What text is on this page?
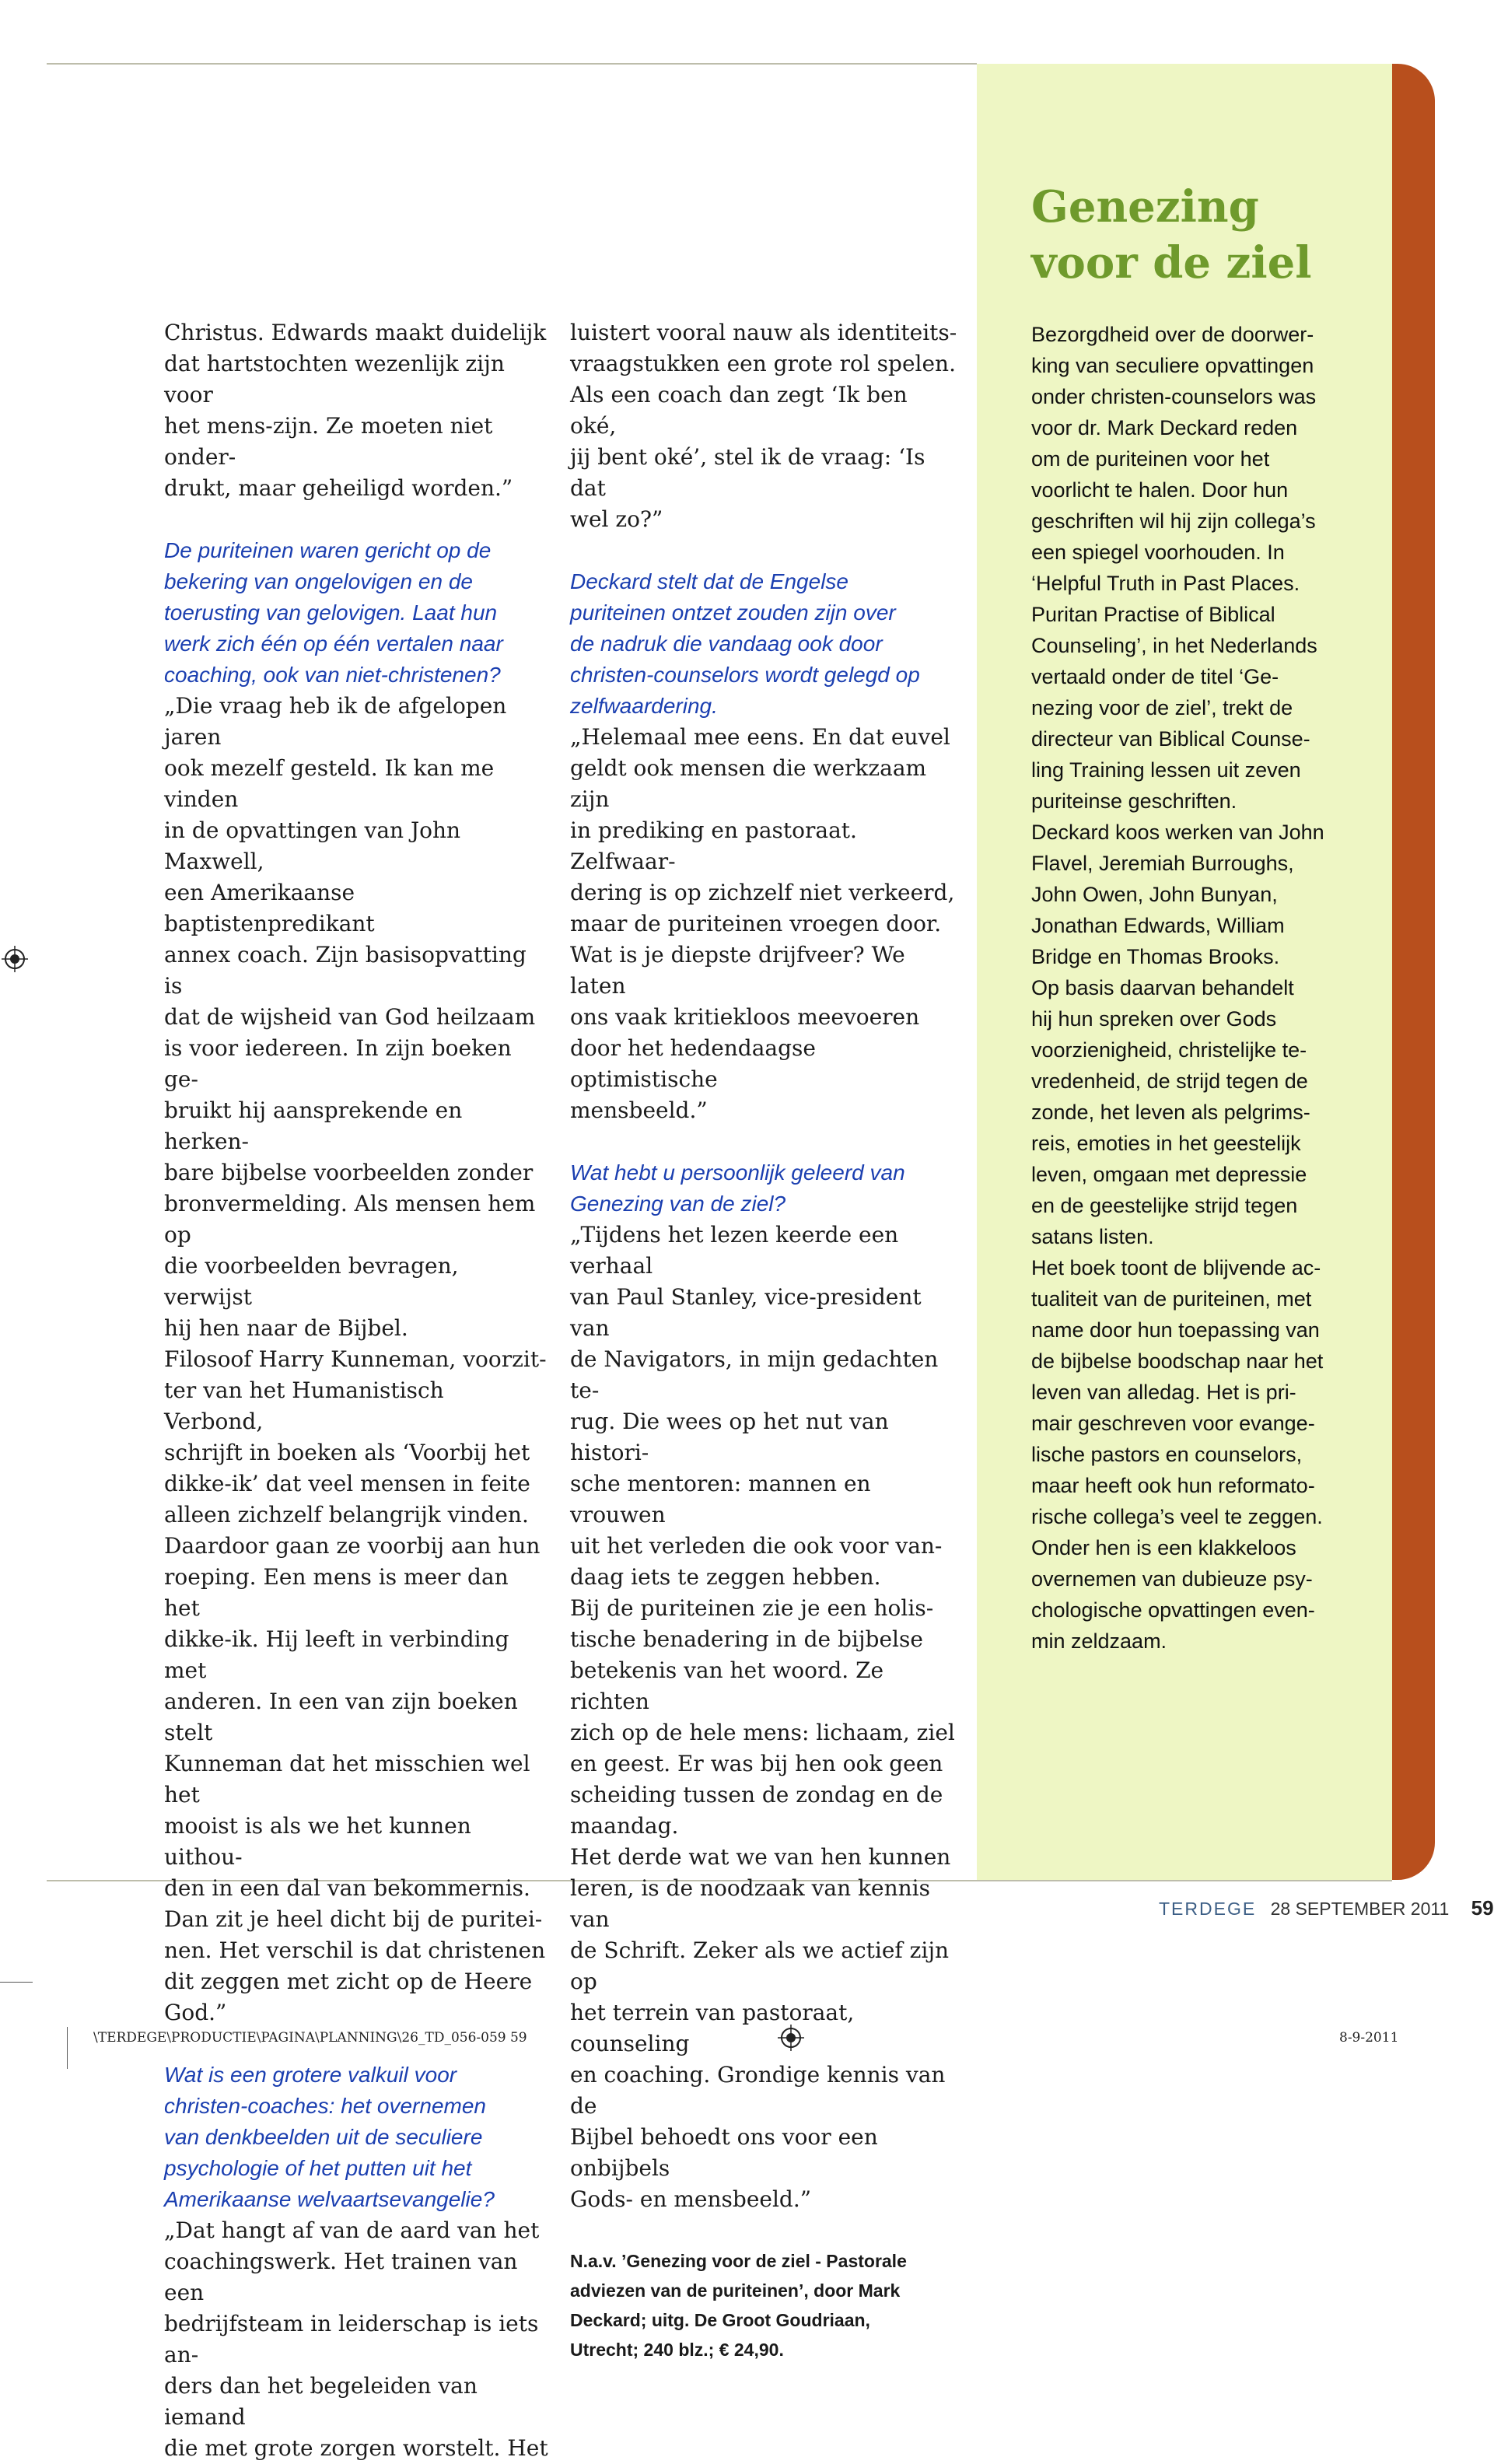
Genezing
voor de ziel

Bezorgdheid over de doorwer-
king van seculiere opvattingen
onder christen-counselors was
voor dr. Mark Deckard reden
om de puriteinen voor het
voorlicht te halen. Door hun
geschriften wil hij zijn collega’s
een spiegel voorhouden. In
‘Helpful Truth in Past Places.
Puritan Practise of Biblical
Counseling’, in het Nederlands
vertaald onder de titel ‘Ge-
nezing voor de ziel’, trekt de
directeur van Biblical Counse-
ling Training lessen uit zeven
puriteinse geschriften.
Deckard koos werken van John
Flavel, Jeremiah Burroughs,
John Owen, John Bunyan,
Jonathan Edwards, William
Bridge en Thomas Brooks.
Op basis daarvan behandelt
hij hun spreken over Gods
voorzienigheid, christelijke te-
vredenheid, de strijd tegen de
zonde, het leven als pelgrims-
reis, emoties in het geestelijk
leven, omgaan met depressie
en de geestelijke strijd tegen
satans listen.
Het boek toont de blijvende ac-
tualiteit van de puriteinen, met
name door hun toepassing van
de bijbelse boodschap naar het
leven van alledag. Het is pri-
mair geschreven voor evange-
lische pastors en counselors,
maar heeft ook hun reformato-
rische collega’s veel te zeggen.
Onder hen is een klakkeloos
overnemen van dubieuze psy-
chologische opvattingen even-
min zeldzaam.

Christus. Edwards maakt duidelijk
dat hartstochten wezenlijk zijn voor
het mens-zijn. Ze moeten niet onder-
drukt, maar geheiligd worden.”

De puriteinen waren gericht op de
bekering van ongelovigen en de
toerusting van gelovigen. Laat hun
werk zich één op één vertalen naar
coaching, ook van niet-christenen?

„Die vraag heb ik de afgelopen jaren
ook mezelf gesteld. Ik kan me vinden
in de opvattingen van John Maxwell,
een Amerikaanse baptistenpredikant
annex coach. Zijn basisopvatting is
dat de wijsheid van God heilzaam
is voor iedereen. In zijn boeken ge-
bruikt hij aansprekende en herken-
bare bijbelse voorbeelden zonder
bronvermelding. Als mensen hem op
die voorbeelden bevragen, verwijst
hij hen naar de Bijbel.

Filosoof Harry Kunneman, voorzit-
ter van het Humanistisch Verbond,
schrijft in boeken als ‘Voorbij het
dikke-ik’ dat veel mensen in feite
alleen zichzelf belangrijk vinden.
Daardoor gaan ze voorbij aan hun
roeping. Een mens is meer dan het
dikke-ik. Hij leeft in verbinding met
anderen. In een van zijn boeken stelt
Kunneman dat het misschien wel het
mooist is als we het kunnen uithou-
den in een dal van bekommernis.
Dan zit je heel dicht bij de puritei-
nen. Het verschil is dat christenen
dit zeggen met zicht op de Heere
God.”

Wat is een grotere valkuil voor
christen-coaches: het overnemen
van denkbeelden uit de seculiere
psychologie of het putten uit het
Amerikaanse welvaartsevangelie?

„Dat hangt af van de aard van het
coachingswerk. Het trainen van een
bedrijfsteam in leiderschap is iets an-
ders dan het begeleiden van iemand
die met grote zorgen worstelt. Het

luistert vooral nauw als identiteits-
vraagstukken een grote rol spelen.
Als een coach dan zegt ‘Ik ben oké,
jij bent oké’, stel ik de vraag: ‘Is dat
wel zo?”

Deckard stelt dat de Engelse
puriteinen ontzet zouden zijn over
de nadruk die vandaag ook door
christen-counselors wordt gelegd op
zelfwaardering.

„Helemaal mee eens. En dat euvel
geldt ook mensen die werkzaam zijn
in prediking en pastoraat. Zelfwaar-
dering is op zichzelf niet verkeerd,
maar de puriteinen vroegen door.
Wat is je diepste drijfveer? We laten
ons vaak kritiekloos meevoeren
door het hedendaagse optimistische
mensbeeld.”

Wat hebt u persoonlijk geleerd van
Genezing van de ziel?

„Tijdens het lezen keerde een verhaal
van Paul Stanley, vice-president van
de Navigators, in mijn gedachten te-
rug. Die wees op het nut van histori-
sche mentoren: mannen en vrouwen
uit het verleden die ook voor van-
daag iets te zeggen hebben.

Bij de puriteinen zie je een holis-
tische benadering in de bijbelse
betekenis van het woord. Ze richten
zich op de hele mens: lichaam, ziel
en geest. Er was bij hen ook geen
scheiding tussen de zondag en de
maandag.

Het derde wat we van hen kunnen
leren, is de noodzaak van kennis van
de Schrift. Zeker als we actief zijn op
het terrein van pastoraat, counseling
en coaching. Grondige kennis van de
Bijbel behoedt ons voor een onbijbels
Gods- en mensbeeld.”

N.a.v. ’Genezing voor de ziel - Pastorale
adviezen van de puriteinen’, door Mark
Deckard; uitg. De Groot Goudriaan,
Utrecht; 240 blz.; € 24,90.

TERDEGE 28 SEPTEMBER 2011 59
\TERDEGE\PRODUCTIE\PAGINA\PLANNING\26_TD_056-059 59	8-9-2011
